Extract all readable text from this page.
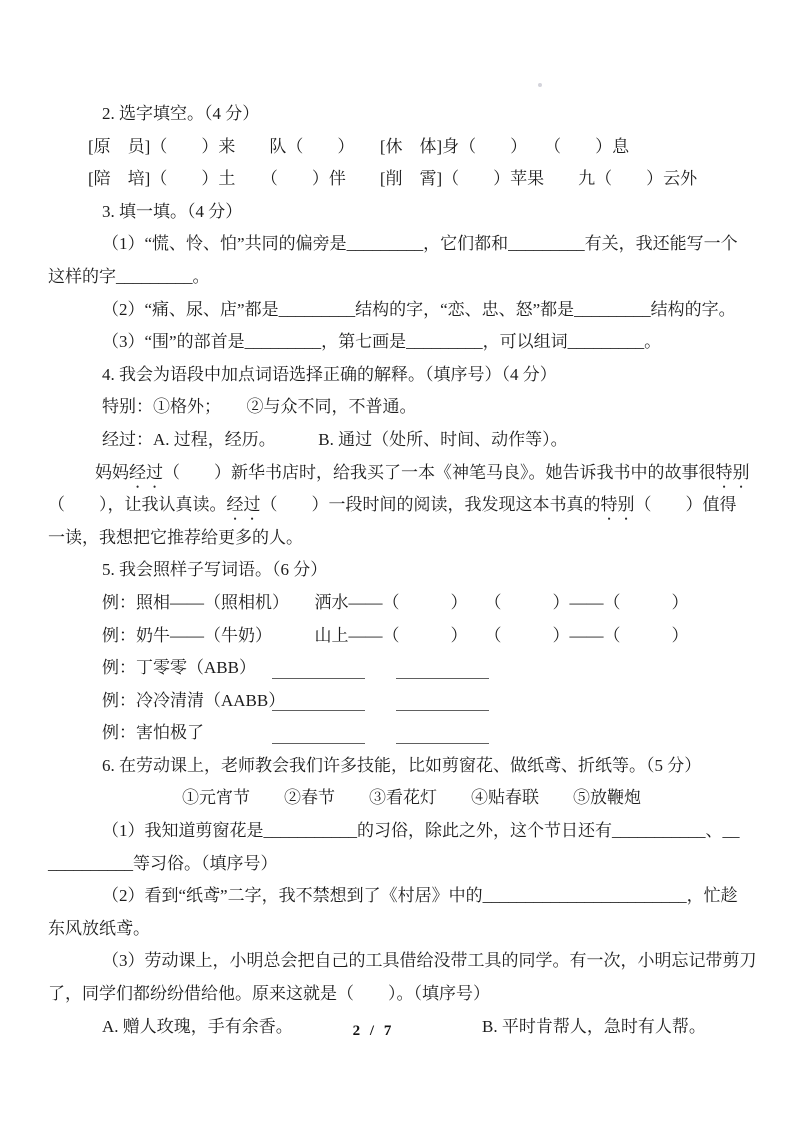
2. 选字填空。（4 分）
[原　员]（　　）来　　队（　　）　　[休　体]身（　　）　　（　　）息
[陪　培]（　　）土　　（　　）伴　　[削　霄]（　　）苹果　　九（　　）云外
3. 填一填。（4 分）
（1）“慌、怜、怕”共同的偏旁是_________，它们都和_________有关，我还能写一个
这样的字_________。
（2）“痛、尿、店”都是_________结构的字，“恋、忠、怒”都是_________结构的字。
（3）“围”的部首是_________，第七画是_________，可以组词_________。
4. 我会为语段中加点词语选择正确的解释。（填序号）（4 分）
特别：①格外；　　②与众不同，不普通。
经过：A. 过程，经历。　　　B. 通过（处所、时间、动作等）。
妈妈经过（　　）新华书店时，给我买了一本《神笔马良》。她告诉我书中的故事很特别
（　　），让我认真读。经过（　　）一段时间的阅读，我发现这本书真的特别（　　）值得
一读，我想把它推荐给更多的人。
5. 我会照样子写词语。（6 分）
例：照相——（照相机）　　洒水——（　　　）　　（　　　）——（　　　）
例：奶牛——（牛奶）　　　山上——（　　　）　　（　　　）——（　　　）
例：丁零零（ABB）
例：冷冷清清（AABB）
例：害怕极了
6. 在劳动课上，老师教会我们许多技能，比如剪窗花、做纸鸢、折纸等。（5 分）
①元宵节　　②春节　　③看花灯　　④贴春联　　⑤放鞭炮
（1）我知道剪窗花是___________的习俗，除此之外，这个节日还有___________、__
__________等习俗。（填序号）
（2）看到“纸鸢”二字，我不禁想到了《村居》中的________________________，忙趁
东风放纸鸢。
（3）劳动课上，小明总会把自己的工具借给没带工具的同学。有一次，小明忘记带剪刀
了，同学们都纷纷借给他。原来这就是（　　）。（填序号）
A. 赠人玫瑰，手有余香。	B. 平时肯帮人，急时有人帮。
2 / 7
